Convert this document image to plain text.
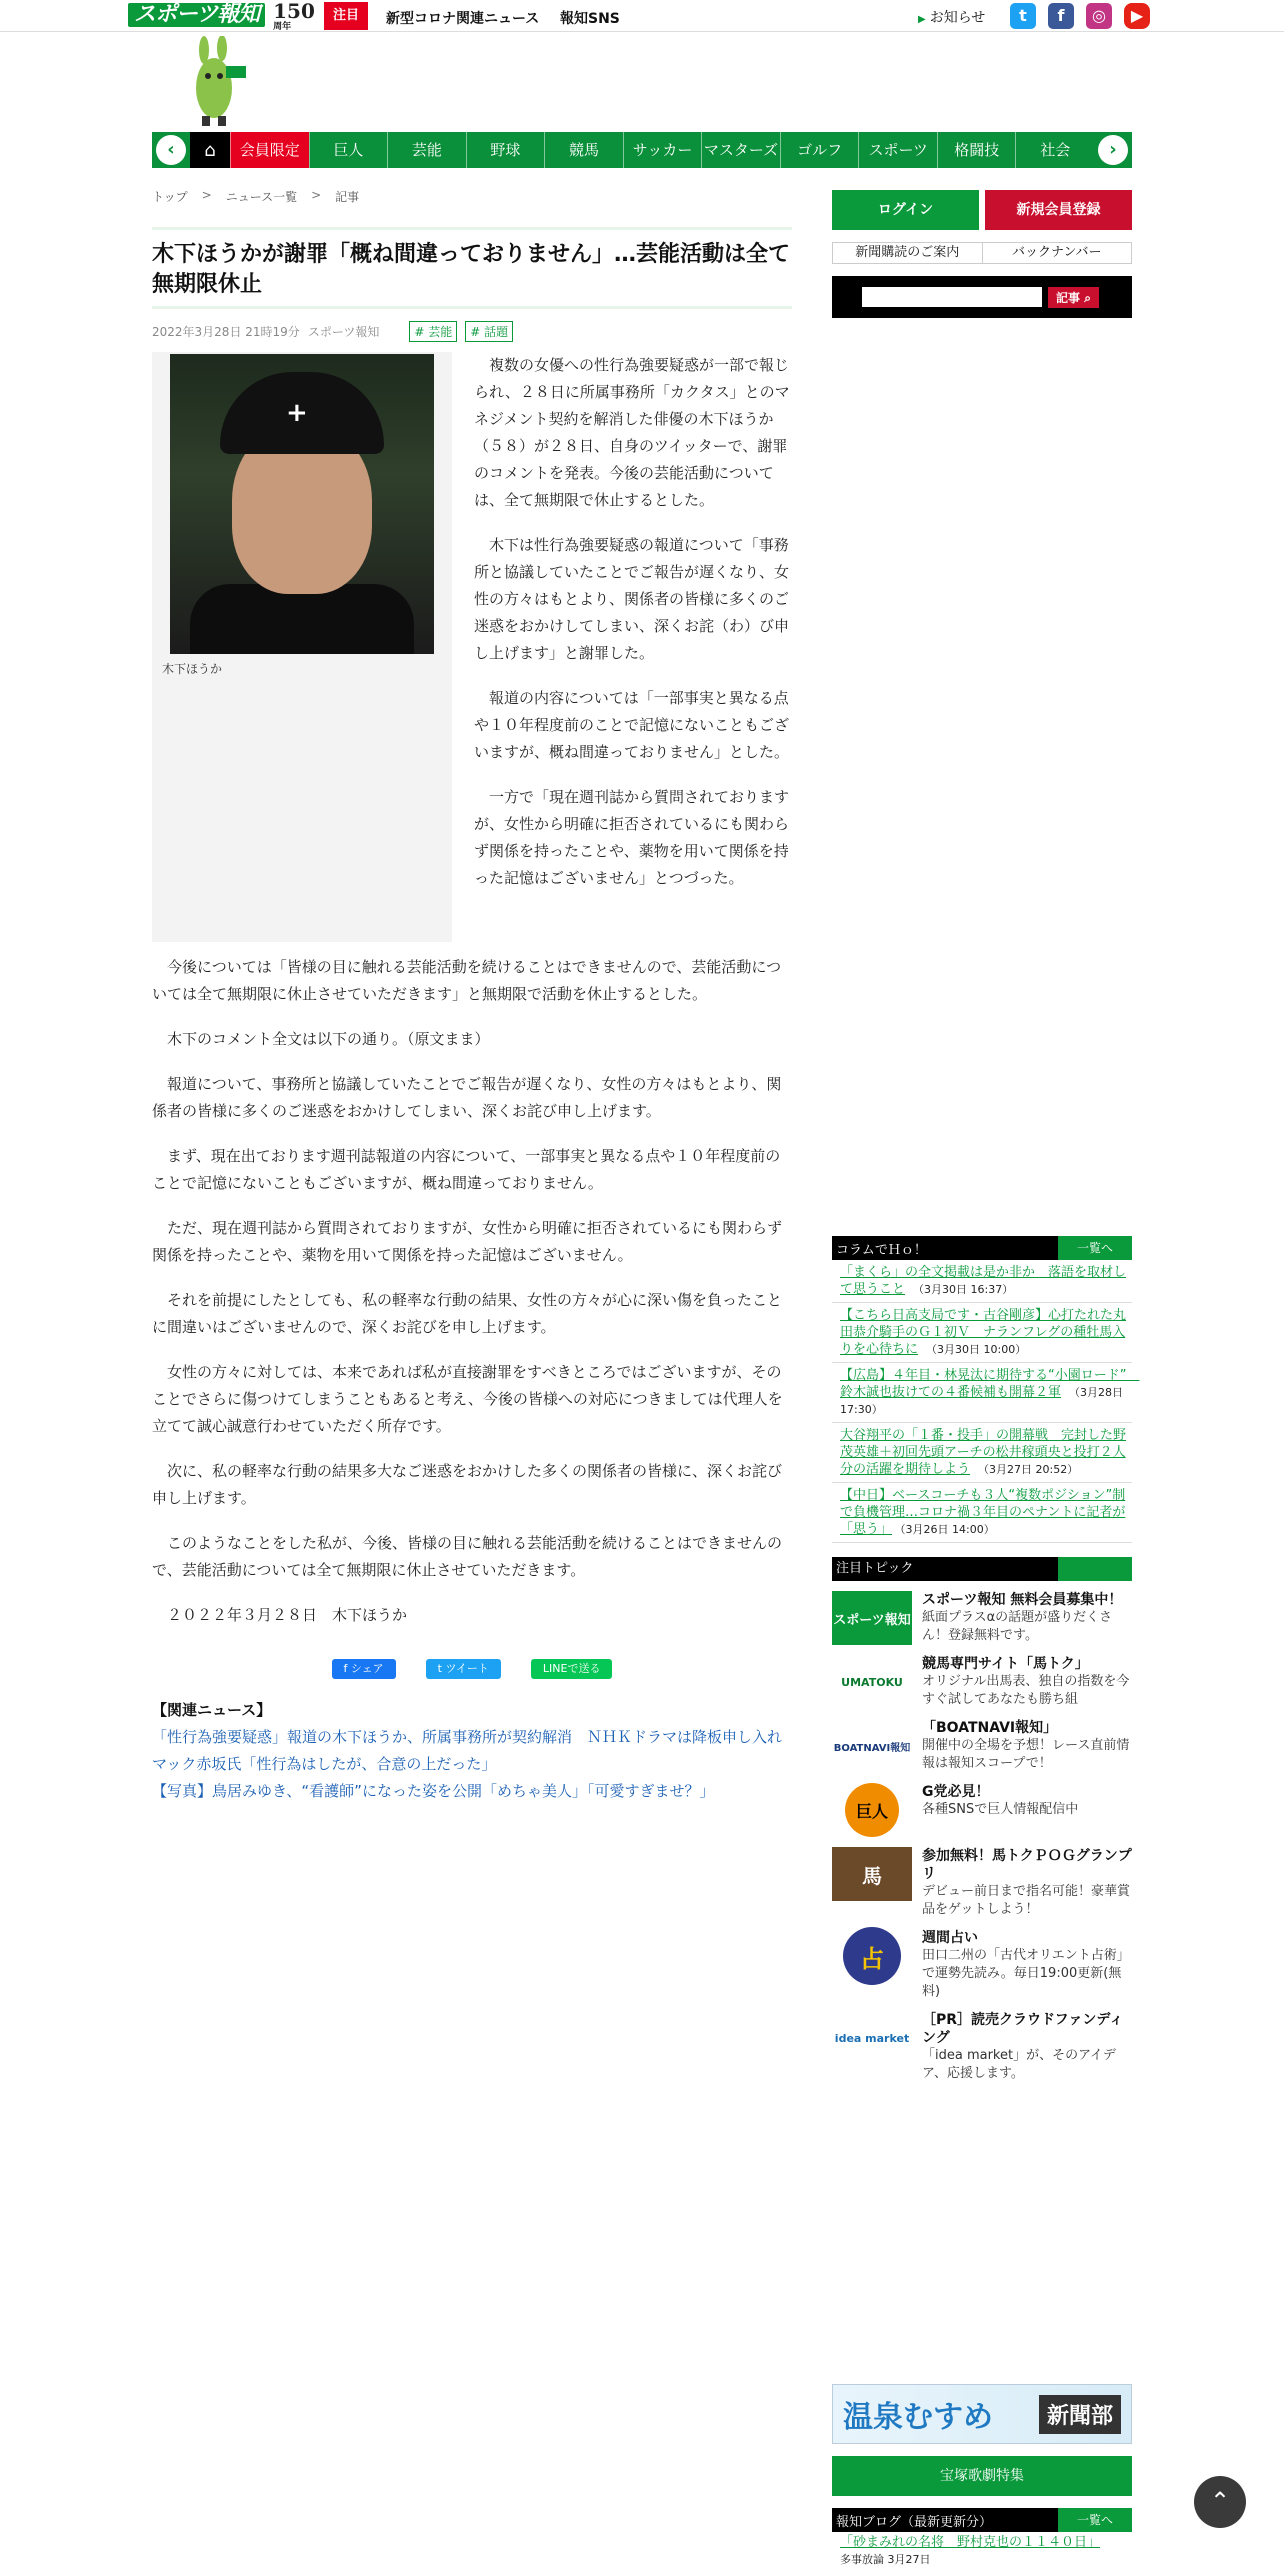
スポーツ報知 150
周年
注目	新型コロナ関連ニュース 報知SNS	▶ お知らせ	t	f	◎	▶
‹	⌂	会員限定	巨人	芸能	野球	競馬	サッカー マスターズ	ゴルフ	スポーツ	格闘技	社会	›
トップ > ニュース一覧 > 記事
木下ほうかが謝罪「概ね間違っておりません」…芸能活動は全て無期限休止
2022年3月28日 21時19分 スポーツ報知	# 芸能	# 話題
+
木下ほうか

複数の女優への性行為強要疑惑が一部で報じられ、２８日に所属事務所「カクタス」とのマネジメント契約を解消した俳優の木下ほうか（５８）が２８日、自身のツイッターで、謝罪のコメントを発表。今後の芸能活動については、全て無期限で休止するとした。

木下は性行為強要疑惑の報道について「事務所と協議していたことでご報告が遅くなり、女性の方々はもとより、関係者の皆様に多くのご迷惑をおかけしてしまい、深くお詫（わ）び申し上げます」と謝罪した。

報道の内容については「一部事実と異なる点や１０年程度前のことで記憶にないこともございますが、概ね間違っておりません」とした。

一方で「現在週刊誌から質問されておりますが、女性から明確に拒否されているにも関わらず関係を持ったことや、薬物を用いて関係を持った記憶はございません」とつづった。

今後については「皆様の目に触れる芸能活動を続けることはできませんので、芸能活動については全て無期限に休止させていただきます」と無期限で活動を休止するとした。

木下のコメント全文は以下の通り。（原文まま）

報道について、事務所と協議していたことでご報告が遅くなり、女性の方々はもとより、関係者の皆様に多くのご迷惑をおかけしてしまい、深くお詫び申し上げます。

まず、現在出ております週刊誌報道の内容について、一部事実と異なる点や１０年程度前のことで記憶にないこともございますが、概ね間違っておりません。

ただ、現在週刊誌から質問されておりますが、女性から明確に拒否されているにも関わらず関係を持ったことや、薬物を用いて関係を持った記憶はございません。

それを前提にしたとしても、私の軽率な行動の結果、女性の方々が心に深い傷を負ったことに間違いはございませんので、深くお詫びを申し上げます。

女性の方々に対しては、本来であれば私が直接謝罪をすべきところではございますが、そのことでさらに傷つけてしまうこともあると考え、今後の皆様への対応につきましては代理人を立てて誠心誠意行わせていただく所存です。

次に、私の軽率な行動の結果多大なご迷惑をおかけした多くの関係者の皆様に、深くお詫び申し上げます。

このようなことをした私が、今後、皆様の目に触れる芸能活動を続けることはできませんので、芸能活動については全て無期限に休止させていただきます。

２０２２年３月２８日　木下ほうか

f シェア	t ツイート	LINEで送る
【関連ニュース】
「性行為強要疑惑」報道の木下ほうか、所属事務所が契約解消　ＮＨＫドラマは降板申し入れ
マック赤坂氏「性行為はしたが、合意の上だった」
【写真】鳥居みゆき、“看護師”になった姿を公開「めちゃ美人」「可愛すぎませ？」
ログイン	新規会員登録
新聞購読のご案内	バックナンバー
記事 ⌕
コラムでＨｏ！	一覧へ
「まくら」の全文掲載は是か非か　落語を取材して思うこと （3月30日 16:37）
【こちら日高支局です・古谷剛彦】心打たれた丸田恭介騎手のＧ１初Ｖ　ナランフレグの種牡馬入りを心待ちに （3月30日 10:00）
【広島】４年目・林晃汰に期待する“小園ロード”　鈴木誠也抜けての４番候補も開幕２軍 （3月28日 17:30）
大谷翔平の「１番・投手」の開幕戦　完封した野茂英雄＋初回先頭アーチの松井稼頭央と投打２人分の活躍を期待しよう （3月27日 20:52）
【中日】ベースコーチも３人“複数ポジション”制で負機管理…コロナ禍３年目のペナントに記者が「思う」 （3月26日 14:00）
注目トピック
スポーツ報知
スポーツ報知 無料会員募集中！
紙面プラスαの話題が盛りだくさん！登録無料です。
UMATOKU
競馬専門サイト「馬トク」
オリジナル出馬表、独自の指数を今すぐ試してあなたも勝ち組
BOATNAVI報知
「BOATNAVI報知」
開催中の全場を予想！レース直前情報は報知スコープで！
巨人
G党必見！
各種SNSで巨人情報配信中
馬
参加無料！馬トクＰＯＧグランプリ
デビュー前日まで指名可能！豪華賞品をゲットしよう！
占
週間占い
田口二州の「古代オリエント占術」で運勢先読み。毎日19:00更新(無料)
idea market
［PR］読売クラウドファンディング
「idea market」が、そのアイデア、応援します。
温泉むすめ	新聞部
宝塚歌劇特集
報知ブログ（最新更新分）	一覧へ
「砂まみれの名将　野村克也の１１４０日」
多事放論 3月27日
⌃
